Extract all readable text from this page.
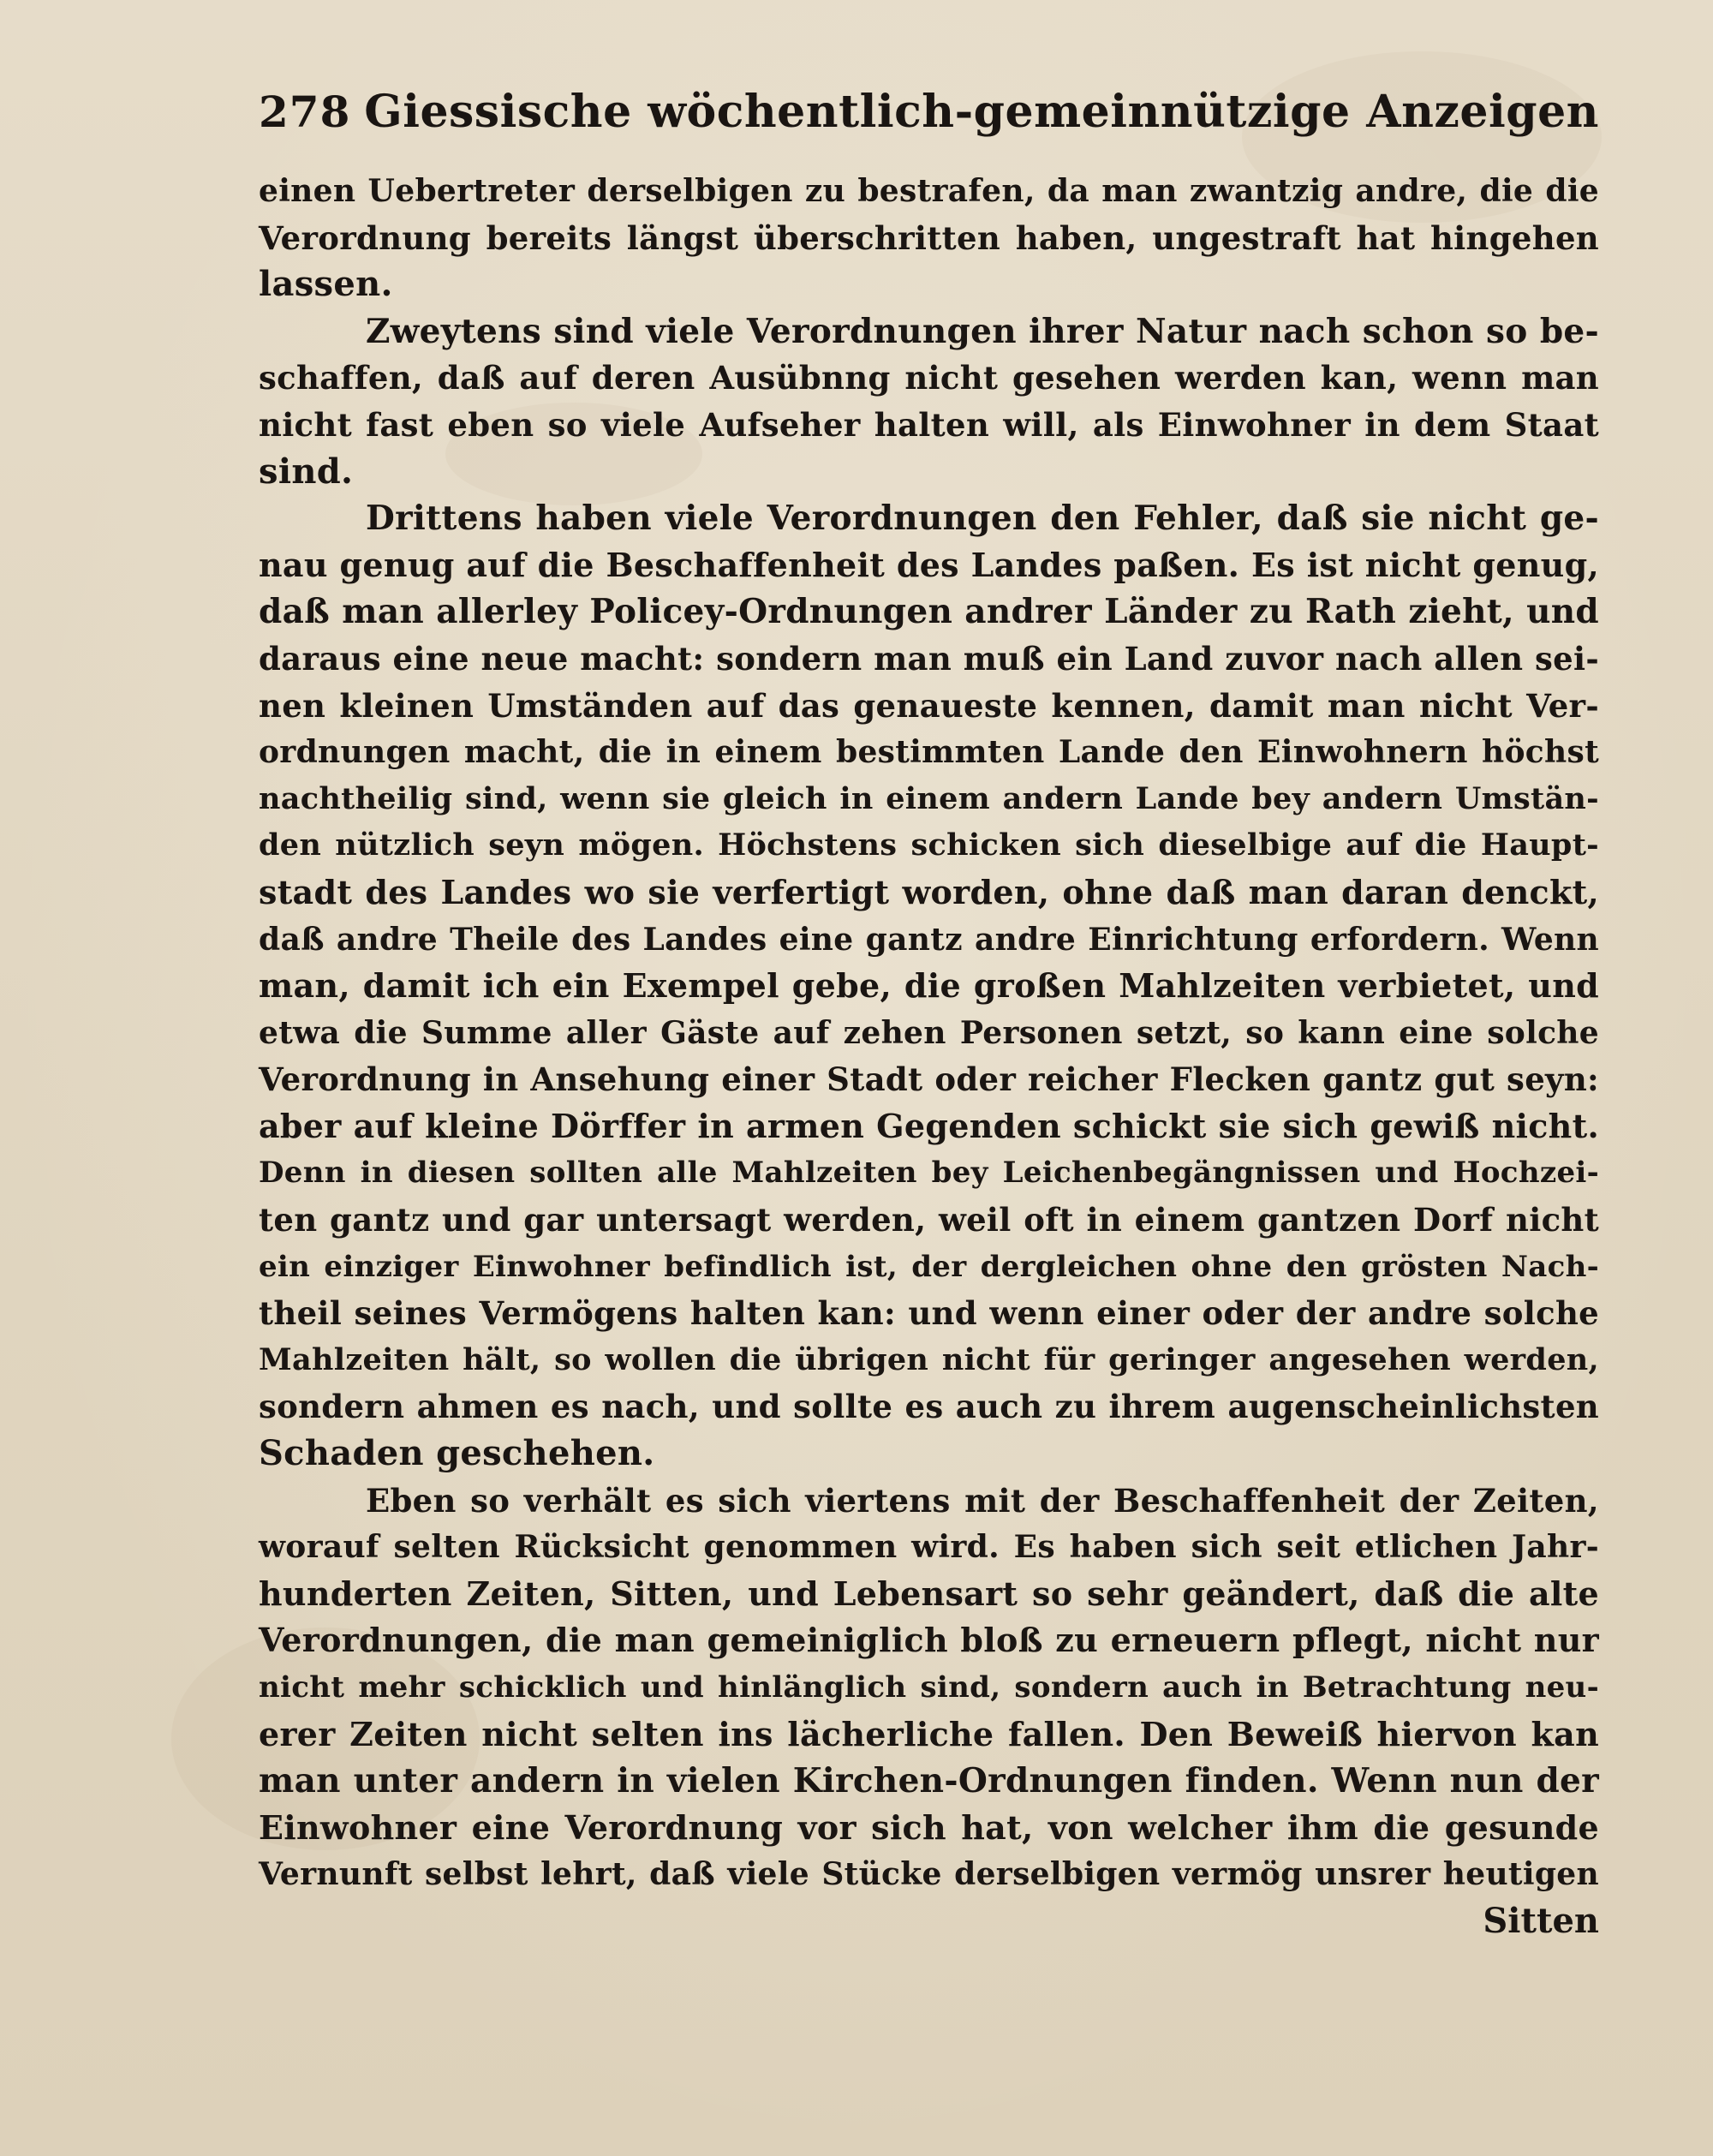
278 Giessische wöchentlich-gemeinnützige Anzeigen
einen Uebertreter derselbigen zu bestrafen, da man zwantzig andre, die die
Verordnung bereits längst überschritten haben, ungestraft hat hingehen
lassen.
Zweytens sind viele Verordnungen ihrer Natur nach schon so be-
schaffen, daß auf deren Ausübnng nicht gesehen werden kan, wenn man
nicht fast eben so viele Aufseher halten will, als Einwohner in dem Staat
sind.
Drittens haben viele Verordnungen den Fehler, daß sie nicht ge-
nau genug auf die Beschaffenheit des Landes paßen. Es ist nicht genug,
daß man allerley Policey-Ordnungen andrer Länder zu Rath zieht, und
daraus eine neue macht: sondern man muß ein Land zuvor nach allen sei-
nen kleinen Umständen auf das genaueste kennen, damit man nicht Ver-
ordnungen macht, die in einem bestimmten Lande den Einwohnern höchst
nachtheilig sind, wenn sie gleich in einem andern Lande bey andern Umstän-
den nützlich seyn mögen. Höchstens schicken sich dieselbige auf die Haupt-
stadt des Landes wo sie verfertigt worden, ohne daß man daran denckt,
daß andre Theile des Landes eine gantz andre Einrichtung erfordern. Wenn
man, damit ich ein Exempel gebe, die großen Mahlzeiten verbietet, und
etwa die Summe aller Gäste auf zehen Personen setzt, so kann eine solche
Verordnung in Ansehung einer Stadt oder reicher Flecken gantz gut seyn:
aber auf kleine Dörffer in armen Gegenden schickt sie sich gewiß nicht.
Denn in diesen sollten alle Mahlzeiten bey Leichenbegängnissen und Hochzei-
ten gantz und gar untersagt werden, weil oft in einem gantzen Dorf nicht
ein einziger Einwohner befindlich ist, der dergleichen ohne den grösten Nach-
theil seines Vermögens halten kan: und wenn einer oder der andre solche
Mahlzeiten hält, so wollen die übrigen nicht für geringer angesehen werden,
sondern ahmen es nach, und sollte es auch zu ihrem augenscheinlichsten
Schaden geschehen.
Eben so verhält es sich viertens mit der Beschaffenheit der Zeiten,
worauf selten Rücksicht genommen wird. Es haben sich seit etlichen Jahr-
hunderten Zeiten, Sitten, und Lebensart so sehr geändert, daß die alte
Verordnungen, die man gemeiniglich bloß zu erneuern pflegt, nicht nur
nicht mehr schicklich und hinlänglich sind, sondern auch in Betrachtung neu-
erer Zeiten nicht selten ins lächerliche fallen. Den Beweiß hiervon kan
man unter andern in vielen Kirchen-Ordnungen finden. Wenn nun der
Einwohner eine Verordnung vor sich hat, von welcher ihm die gesunde
Vernunft selbst lehrt, daß viele Stücke derselbigen vermög unsrer heutigen
Sitten
